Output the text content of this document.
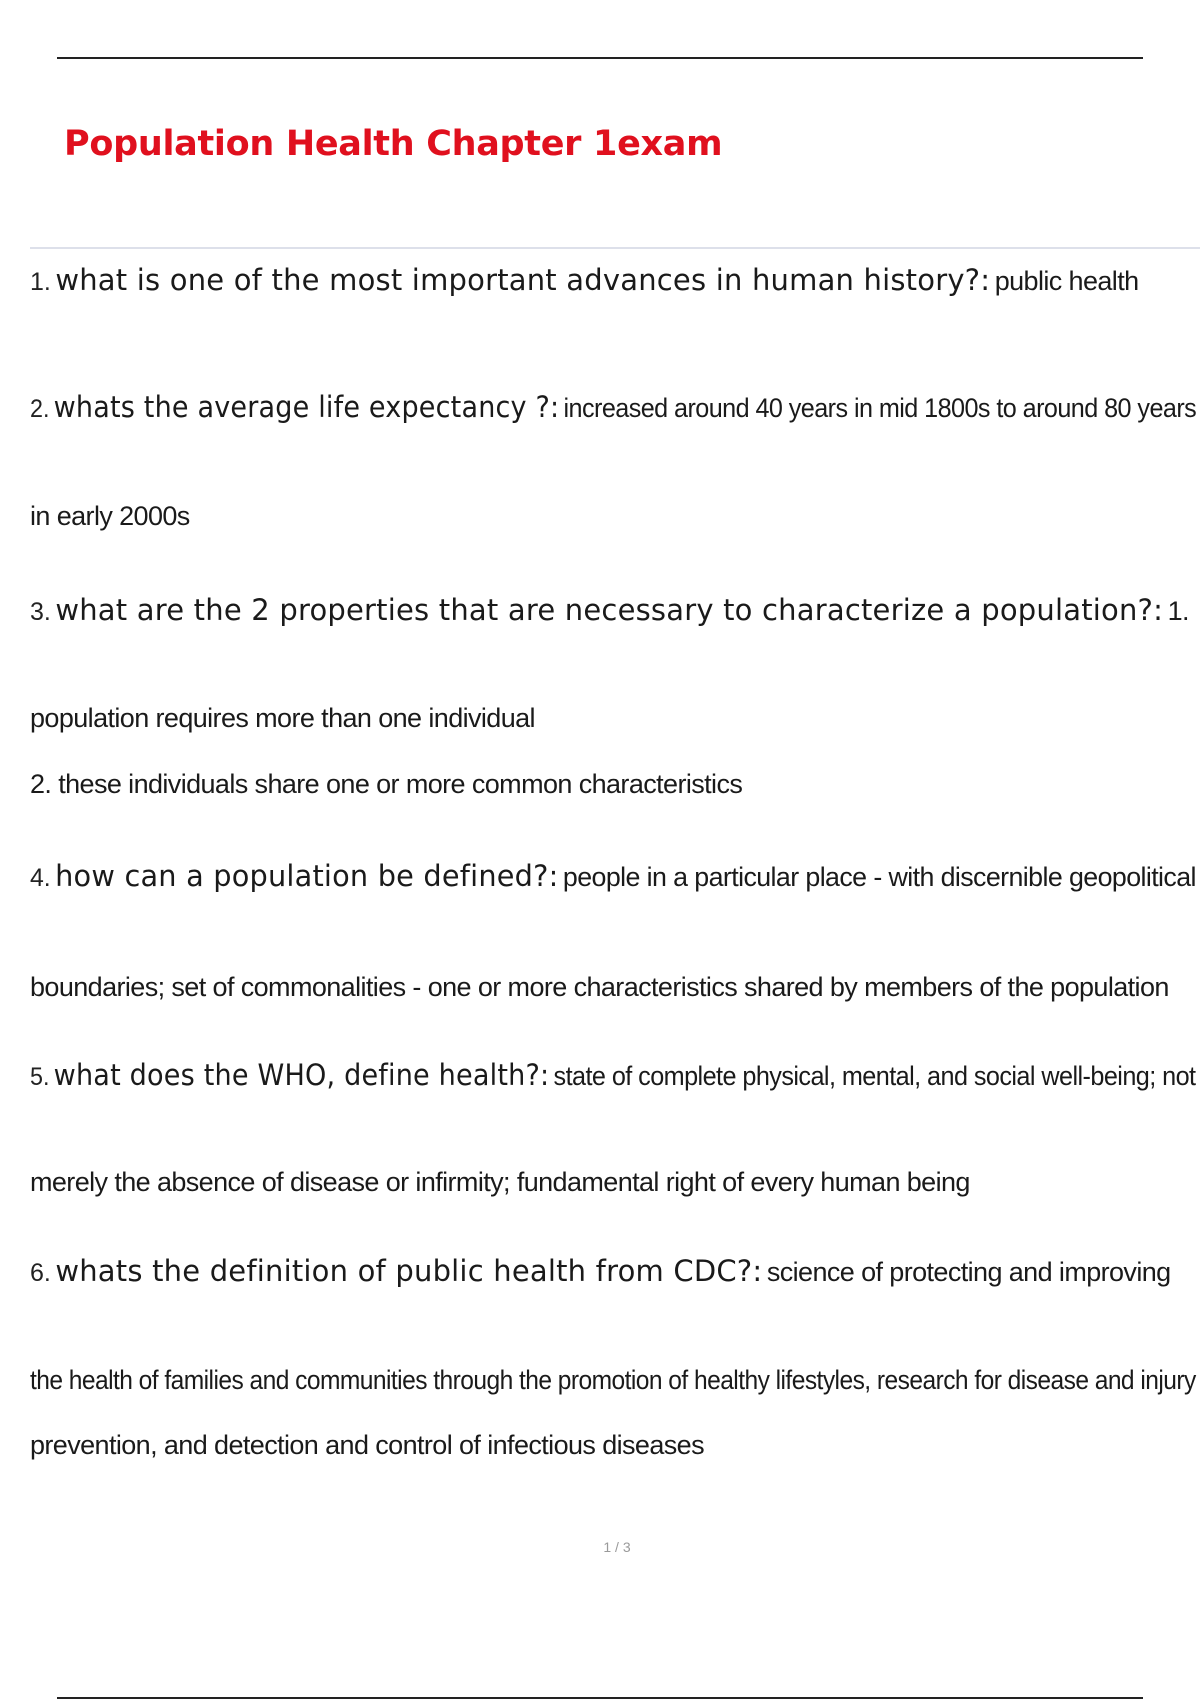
Population Health Chapter 1exam
1. what is one of the most important advances in human history?: public health
2. whats the average life expectancy ?: increased around 40 years in mid 1800s to around 80 years
in early 2000s
3. what are the 2 properties that are necessary to characterize a population?: 1.
population requires more than one individual
2. these individuals share one or more common characteristics
4. how can a population be defined?: people in a particular place - with discernible geopolitical
boundaries; set of commonalities - one or more characteristics shared by members of the population
5. what does the WHO, define health?: state of complete physical, mental, and social well-being; not
merely the absence of disease or infirmity; fundamental right of every human being
6. whats the definition of public health from CDC?: science of protecting and improving
the health of families and communities through the promotion of healthy lifestyles, research for disease and injury
prevention, and detection and control of infectious diseases
1 / 3
